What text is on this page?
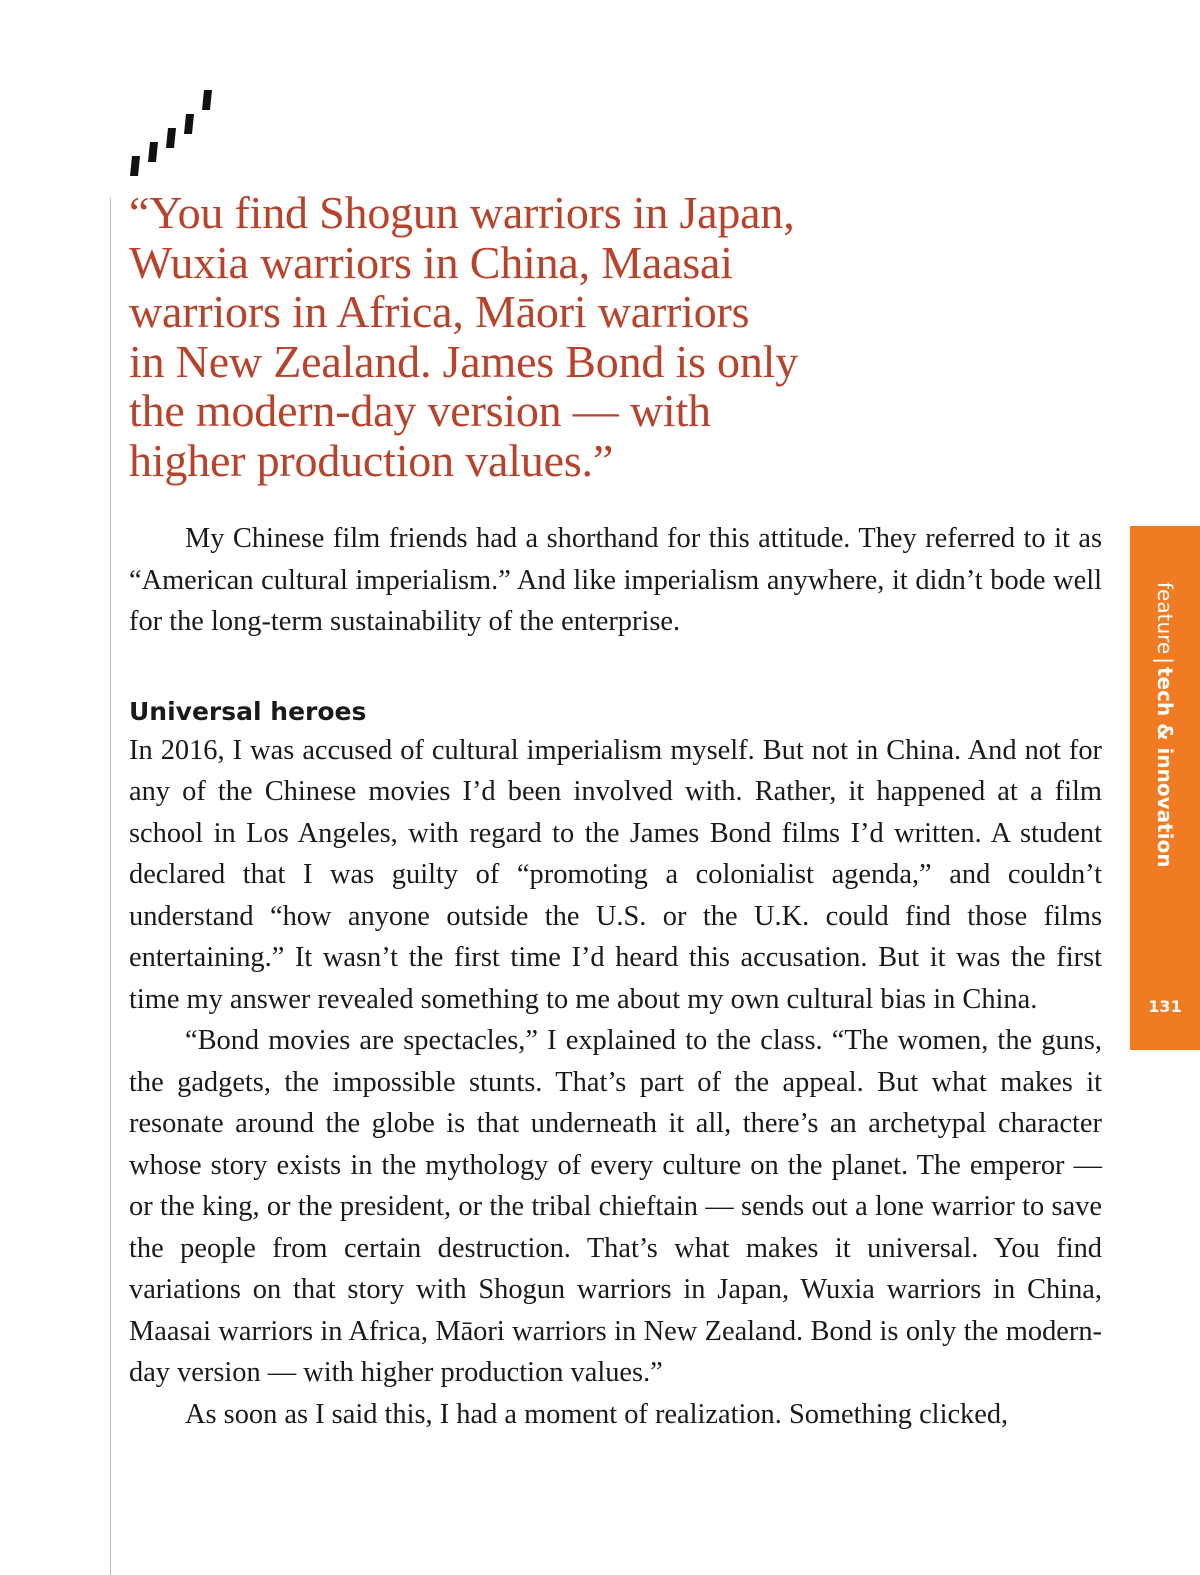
“You find Shogun warriors in Japan,
Wuxia warriors in China, Maasai
warriors in Africa, Māori warriors
in New Zealand. James Bond is only
the modern-day version — with
higher production values.”

My Chinese film friends had a shorthand for this attitude. They referred to it as “American cultural imperialism.” And like imperialism anywhere, it didn’t bode well for the long-term sustainability of the enterprise.

Universal heroes

In 2016, I was accused of cultural imperialism myself. But not in China. And not for any of the Chinese movies I’d been involved with. Rather, it happened at a film school in Los Angeles, with regard to the James Bond films I’d written. A student declared that I was guilty of “promoting a colonialist agenda,” and couldn’t understand “how anyone outside the U.S. or the U.K. could find those films entertaining.” It wasn’t the first time I’d heard this accusation. But it was the first time my answer revealed something to me about my own cultural bias in China.

“Bond movies are spectacles,” I explained to the class. “The women, the guns, the gadgets, the impossible stunts. That’s part of the appeal. But what makes it resonate around the globe is that underneath it all, there’s an archetypal character whose story exists in the mythology of every culture on the planet. The emperor — or the king, or the president, or the tribal chieftain — sends out a lone warrior to save the people from certain destruction. That’s what makes it universal. You find variations on that story with Shogun warriors in Japan, Wuxia warriors in China, Maasai warriors in Africa, Māori warriors in New Zealand. Bond is only the modern-day version — with higher production values.”

As soon as I said this, I had a moment of realization. Something clicked,

feature|tech & innovation
131
